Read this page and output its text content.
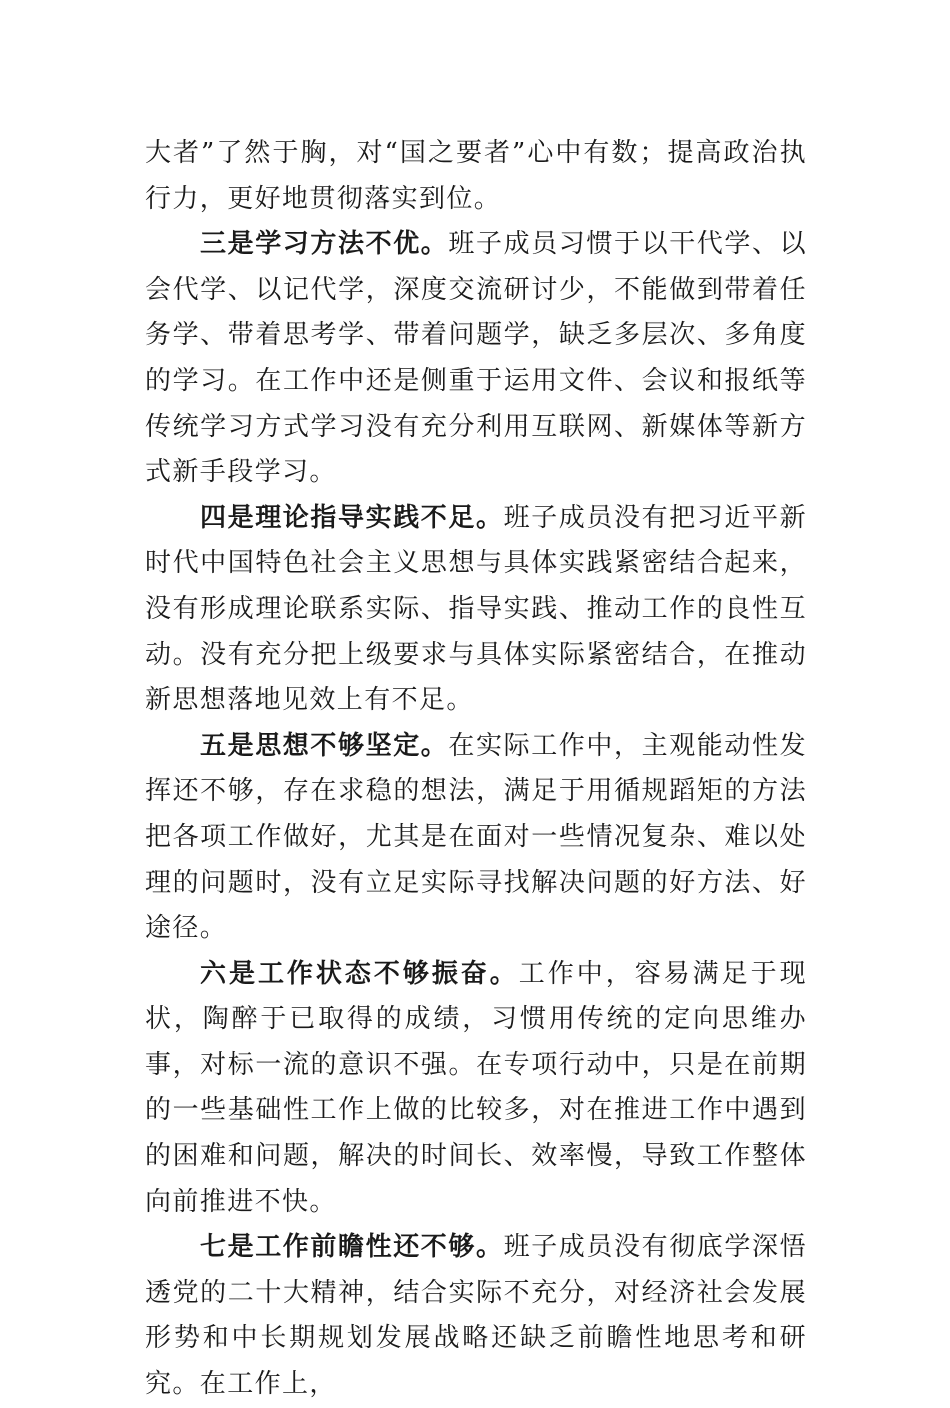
大者”了然于胸，对“国之要者”心中有数；提高政治执行力，更好地贯彻落实到位。

三是学习方法不优。班子成员习惯于以干代学、以会代学、以记代学，深度交流研讨少，不能做到带着任务学、带着思考学、带着问题学，缺乏多层次、多角度的学习。在工作中还是侧重于运用文件、会议和报纸等传统学习方式学习没有充分利用互联网、新媒体等新方式新手段学习。

四是理论指导实践不足。班子成员没有把习近平新时代中国特色社会主义思想与具体实践紧密结合起来，没有形成理论联系实际、指导实践、推动工作的良性互动。没有充分把上级要求与具体实际紧密结合，在推动新思想落地见效上有不足。

五是思想不够坚定。在实际工作中，主观能动性发挥还不够，存在求稳的想法，满足于用循规蹈矩的方法把各项工作做好，尤其是在面对一些情况复杂、难以处理的问题时，没有立足实际寻找解决问题的好方法、好途径。

六是工作状态不够振奋。工作中，容易满足于现状，陶醉于已取得的成绩，习惯用传统的定向思维办事，对标一流的意识不强。在专项行动中，只是在前期的一些基础性工作上做的比较多，对在推进工作中遇到的困难和问题，解决的时间长、效率慢，导致工作整体向前推进不快。

七是工作前瞻性还不够。班子成员没有彻底学深悟透党的二十大精神，结合实际不充分，对经济社会发展形势和中长期规划发展战略还缺乏前瞻性地思考和研究。在工作上，
